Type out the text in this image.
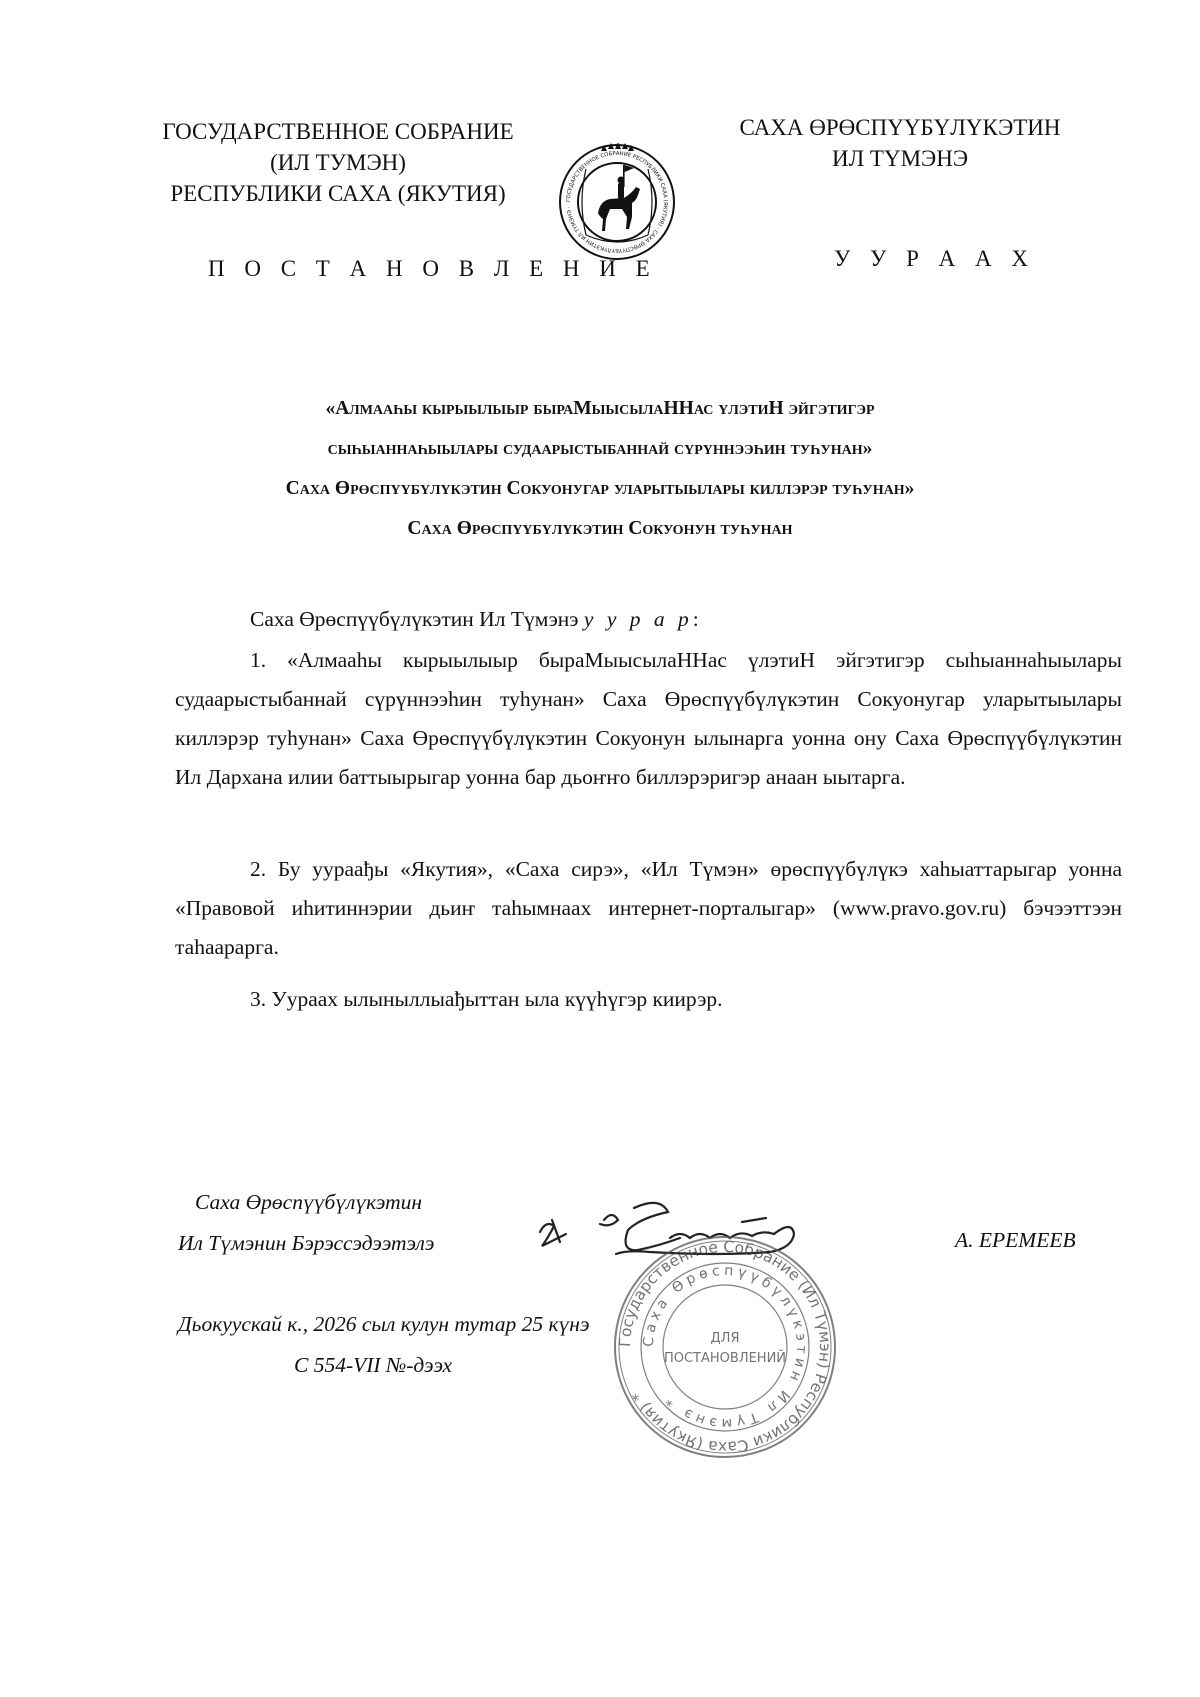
ГОСУДАРСТВЕННОЕ СОБРАНИЕ
(ИЛ ТУМЭН)
РЕСПУБЛИКИ САХА (ЯКУТИЯ)
САХА ӨРӨСПҮҮБҮЛҮКЭТИН
ИЛ ТҮМЭНЭ
ГОСУДАРСТВЕННОЕ СОБРАНИЕ РЕСПУБЛИКИ САХА (ЯКУТИЯ) · САХА ӨРӨСПҮҮБҮЛҮКЭТИН ИЛ ТҮМЭНЭ ·
П О С Т А Н О В Л Е Н И Е	У У Р А А Х
«Алмааһы кырыылыыр быраМыысылаННас үлэтиН эйгэтигэр
сыһыаннаһыылары судаарыстыбаннай сүрүннээһин туһунан»
Саха Өрөспүүбүлүкэтин Сокуонугар уларытыылары киллэрэр туһунан»
Саха Өрөспүүбүлүкэтин Сокуонун туһунан
Саха Өрөспүүбүлүкэтин Ил Түмэнэ у у р а р:
1. «Алмааһы кырыылыыр быраМыысылаННас үлэтиН эйгэтигэр сыһыаннаһыылары судаарыстыбаннай сүрүннээһин туһунан» Саха Өрөспүүбүлүкэтин Сокуонугар уларытыылары киллэрэр туһунан» Саха Өрөспүүбүлүкэтин Сокуонун ылынарга уонна ону Саха Өрөспүүбүлүкэтин Ил Дархана илии баттыырыгар уонна бар дьоҥҥо биллэрэригэр анаан ыытарга.
2. Бу уураађы «Якутия», «Саха сирэ», «Ил Түмэн» өрөспүүбүлүкэ хаһыаттарыгар уонна «Правовой иһитиннэрии дьиҥ таһымнаах интернет-порталыгар» (www.pravo.gov.ru) бэчээттээн таһаарарга.
3. Уураах ылыныллыађыттан ыла күүһүгэр киирэр.
Саха Өрөспүүбүлүкэтин
Ил Түмэнин Бэрэссэдээтэлэ	А. ЕРЕМЕЕВ
Дьокуускай к., 2026 сыл кулун тутар 25 күнэ
С 554-VII №-дээх
Государственное Собрание (Ил Түмэн) Республики Саха (Якутия) *
Саха Өрөспүүбүлүкэтин Ил Түмэнэ *
ДЛЯ
ПОСТАНОВЛЕНИЙ
